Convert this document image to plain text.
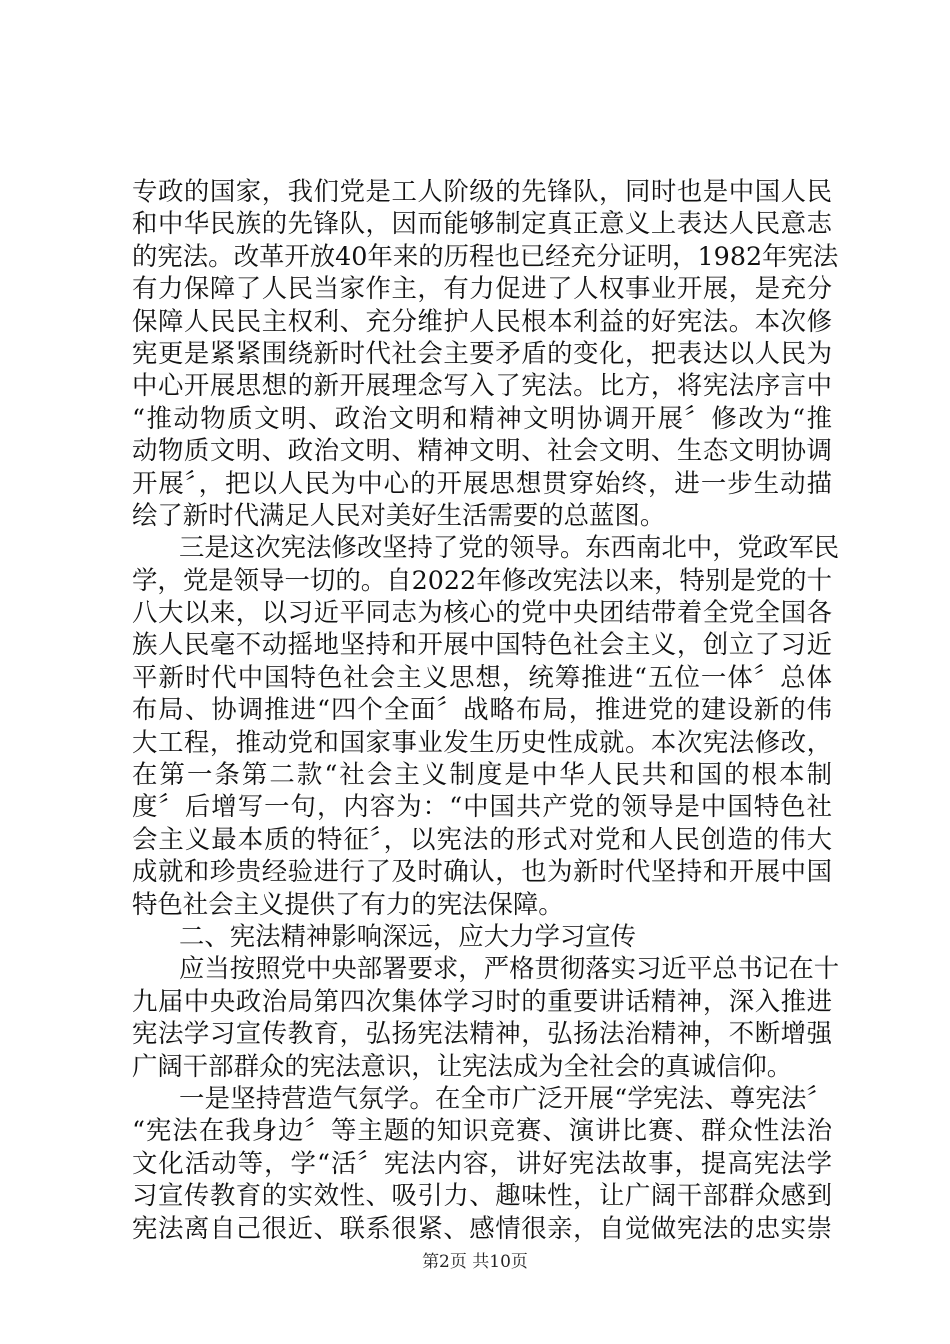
专政的国家，我们党是工人阶级的先锋队，同时也是中国人民
和中华民族的先锋队，因而能够制定真正意义上表达人民意志
的宪法。改革开放40年来的历程也已经充分证明，1982年宪法
有力保障了人民当家作主，有力促进了人权事业开展，是充分
保障人民民主权利、充分维护人民根本利益的好宪法。本次修
宪更是紧紧围绕新时代社会主要矛盾的变化，把表达以人民为
中心开展思想的新开展理念写入了宪法。比方，将宪法序言中
“推动物质文明、政治文明和精神文明协调开展〞修改为“推
动物质文明、政治文明、精神文明、社会文明、生态文明协调
开展〞，把以人民为中心的开展思想贯穿始终，进一步生动描
绘了新时代满足人民对美好生活需要的总蓝图。
三是这次宪法修改坚持了党的领导。东西南北中，党政军民
学，党是领导一切的。自2022年修改宪法以来，特别是党的十
八大以来，以习近平同志为核心的党中央团结带着全党全国各
族人民毫不动摇地坚持和开展中国特色社会主义，创立了习近
平新时代中国特色社会主义思想，统筹推进“五位一体〞总体
布局、协调推进“四个全面〞战略布局，推进党的建设新的伟
大工程，推动党和国家事业发生历史性成就。本次宪法修改，
在第一条第二款“社会主义制度是中华人民共和国的根本制
度〞后增写一句，内容为：“中国共产党的领导是中国特色社
会主义最本质的特征〞，以宪法的形式对党和人民创造的伟大
成就和珍贵经验进行了及时确认，也为新时代坚持和开展中国
特色社会主义提供了有力的宪法保障。
二、宪法精神影响深远，应大力学习宣传
应当按照党中央部署要求，严格贯彻落实习近平总书记在十
九届中央政治局第四次集体学习时的重要讲话精神，深入推进
宪法学习宣传教育，弘扬宪法精神，弘扬法治精神，不断增强
广阔干部群众的宪法意识，让宪法成为全社会的真诚信仰。
一是坚持营造气氛学。在全市广泛开展“学宪法、尊宪法〞
“宪法在我身边〞等主题的知识竞赛、演讲比赛、群众性法治
文化活动等，学“活〞宪法内容，讲好宪法故事，提高宪法学
习宣传教育的实效性、吸引力、趣味性，让广阔干部群众感到
宪法离自己很近、联系很紧、感情很亲，自觉做宪法的忠实崇
第2页 共10页
